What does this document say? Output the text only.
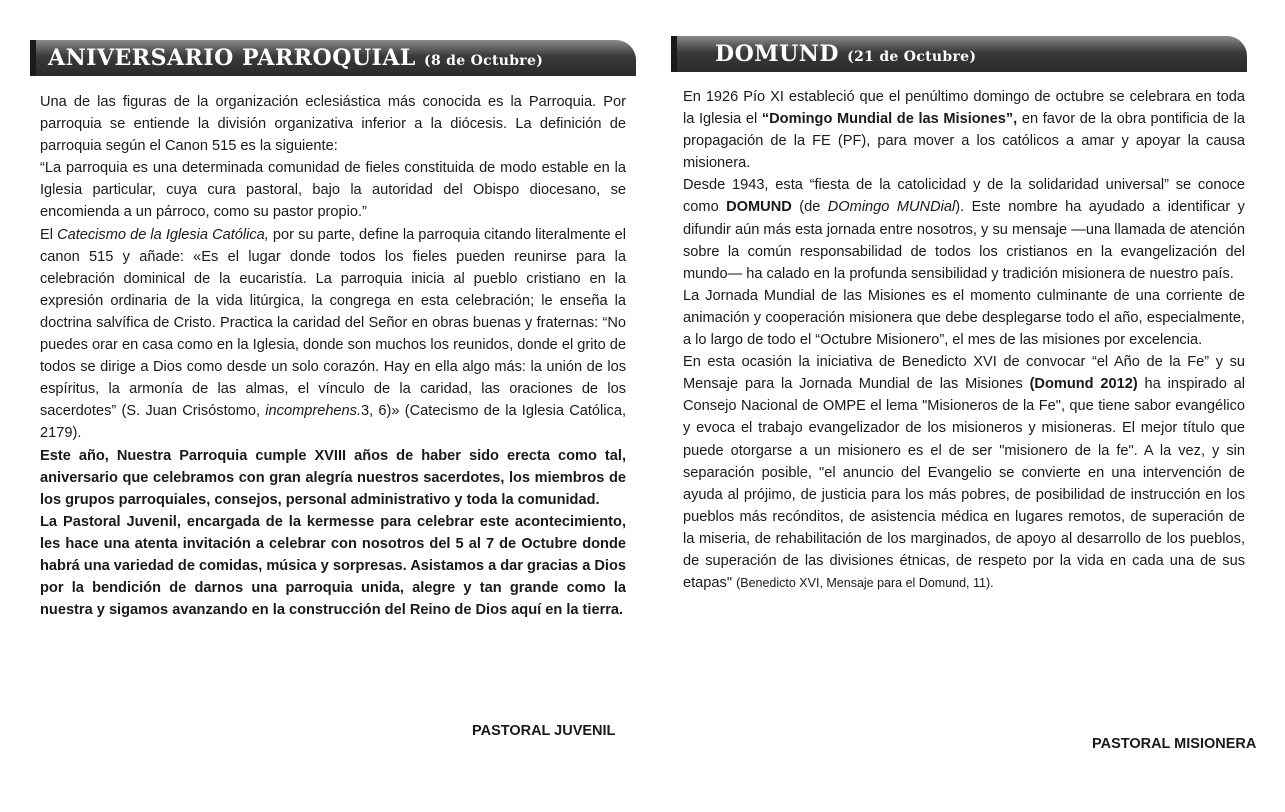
ANIVERSARIO PARROQUIAL (8 de Octubre)	DOMUND (21 de Octubre)

Una de las figuras de la organización eclesiástica más conocida es la Parroquia. Por parroquia se entiende la división organizativa inferior a la diócesis. La definición de parroquia según el Canon 515 es la siguiente:

“La parroquia es una determinada comunidad de fieles constituida de modo estable en la Iglesia particular, cuya cura pastoral, bajo la autoridad del Obispo diocesano, se encomienda a un párroco, como su pastor propio.”

El Catecismo de la Iglesia Católica, por su parte, define la parroquia citando literalmente el canon 515 y añade: «Es el lugar donde todos los fieles pueden reunirse para la celebración dominical de la eucaristía. La parroquia inicia al pueblo cristiano en la expresión ordinaria de la vida litúrgica, la congrega en esta celebración; le enseña la doctrina salvífica de Cristo. Practica la caridad del Señor en obras buenas y fraternas: “No puedes orar en casa como en la Iglesia, donde son muchos los reunidos, donde el grito de todos se dirige a Dios como desde un solo corazón. Hay en ella algo más: la unión de los espíritus, la armonía de las almas, el vínculo de la caridad, las oraciones de los sacerdotes” (S. Juan Crisóstomo, incomprehens.3, 6)» (Catecismo de la Iglesia Católica, 2179).

Este año, Nuestra Parroquia cumple XVIII años de haber sido erecta como tal, aniversario que celebramos con gran alegría nuestros sacerdotes, los miembros de los grupos parroquiales, consejos, personal administrativo y toda la comunidad.

La Pastoral Juvenil, encargada de la kermesse para celebrar este acontecimiento, les hace una atenta invitación a celebrar con nosotros del 5 al 7 de Octubre donde habrá una variedad de comidas, música y sorpresas. Asistamos a dar gracias a Dios por la bendición de darnos una parroquia unida, alegre y tan grande como la nuestra y sigamos avanzando en la construcción del Reino de Dios aquí en la tierra.

PASTORAL JUVENIL

En 1926 Pío XI estableció que el penúltimo domingo de octubre se celebrara en toda la Iglesia el “Domingo Mundial de las Misiones”, en favor de la obra pontificia de la propagación de la FE (PF), para mover a los católicos a amar y apoyar la causa misionera.

Desde 1943, esta “fiesta de la catolicidad y de la solidaridad universal” se conoce como DOMUND (de DOmingo MUNDial). Este nombre ha ayudado a identificar y difundir aún más esta jornada entre nosotros, y su mensaje —una llamada de atención sobre la común responsabilidad de todos los cristianos en la evangelización del mundo— ha calado en la profunda sensibilidad y tradición misionera de nuestro país.

La Jornada Mundial de las Misiones es el momento culminante de una corriente de animación y cooperación misionera que debe desplegarse todo el año, especialmente, a lo largo de todo el “Octubre Misionero”, el mes de las misiones por excelencia.

En esta ocasión la iniciativa de Benedicto XVI de convocar “el Año de la Fe” y su Mensaje para la Jornada Mundial de las Misiones (Domund 2012) ha inspirado al Consejo Nacional de OMPE el lema "Misioneros de la Fe", que tiene sabor evangélico y evoca el trabajo evangelizador de los misioneros y misioneras. El mejor título que puede otorgarse a un misionero es el de ser "misionero de la fe". A la vez, y sin separación posible, "el anuncio del Evangelio se convierte en una intervención de ayuda al prójimo, de justicia para los más pobres, de posibilidad de instrucción en los pueblos más recónditos, de asistencia médica en lugares remotos, de superación de la miseria, de rehabilitación de los marginados, de apoyo al desarrollo de los pueblos, de superación de las divisiones étnicas, de respeto por la vida en cada una de sus etapas" (Benedicto XVI, Mensaje para el Domund, 11).

PASTORAL MISIONERA
